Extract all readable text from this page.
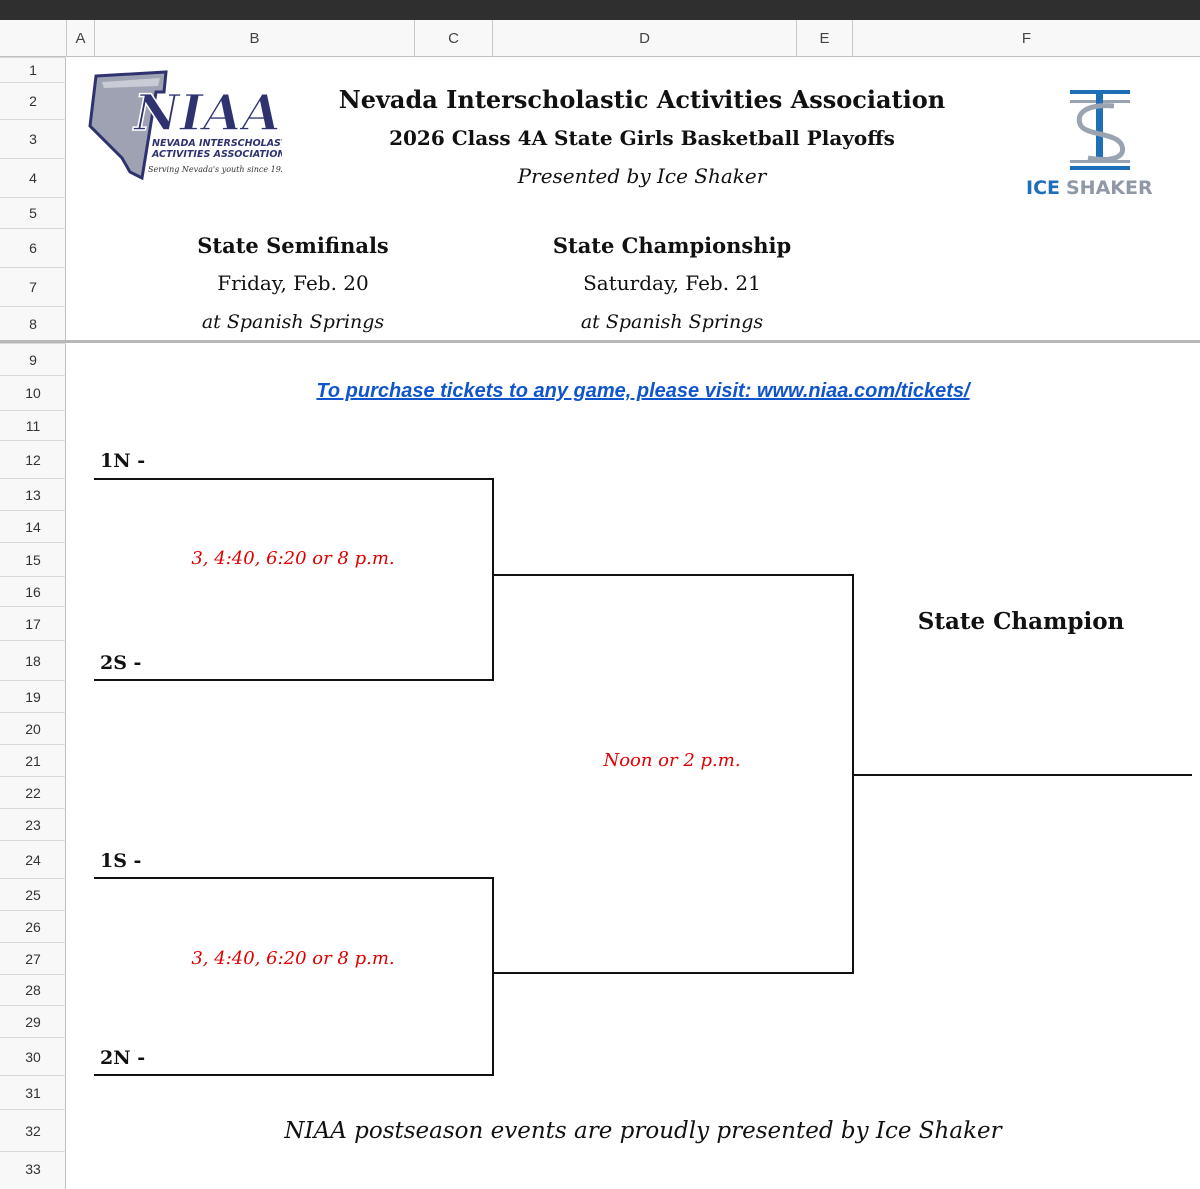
A	B	C	D	E	F
1
2
3
4
5
6
7
8
9
10
11
12
13
14
15
16
17
18
19
20
21
22
23
24
25
26
27
28
29
30
31
32
33
NIAA
NEVADA INTERSCHOLAS
ACTIVITIES ASSOCIATION
Serving Nevada's youth since 1922.
ICE SHAKER
Nevada Interscholastic Activities Association
2026 Class 4A State Girls Basketball Playoffs
Presented by Ice Shaker
State Semifinals
Friday, Feb. 20
at Spanish Springs
State Championship
Saturday, Feb. 21
at Spanish Springs
To purchase tickets to any game, please visit: www.niaa.com/tickets/
1N -
2S -
1S -
2N -
3, 4:40, 6:20 or 8 p.m.
3, 4:40, 6:20 or 8 p.m.
Noon or 2 p.m.
State Champion
NIAA postseason events are proudly presented by Ice Shaker
